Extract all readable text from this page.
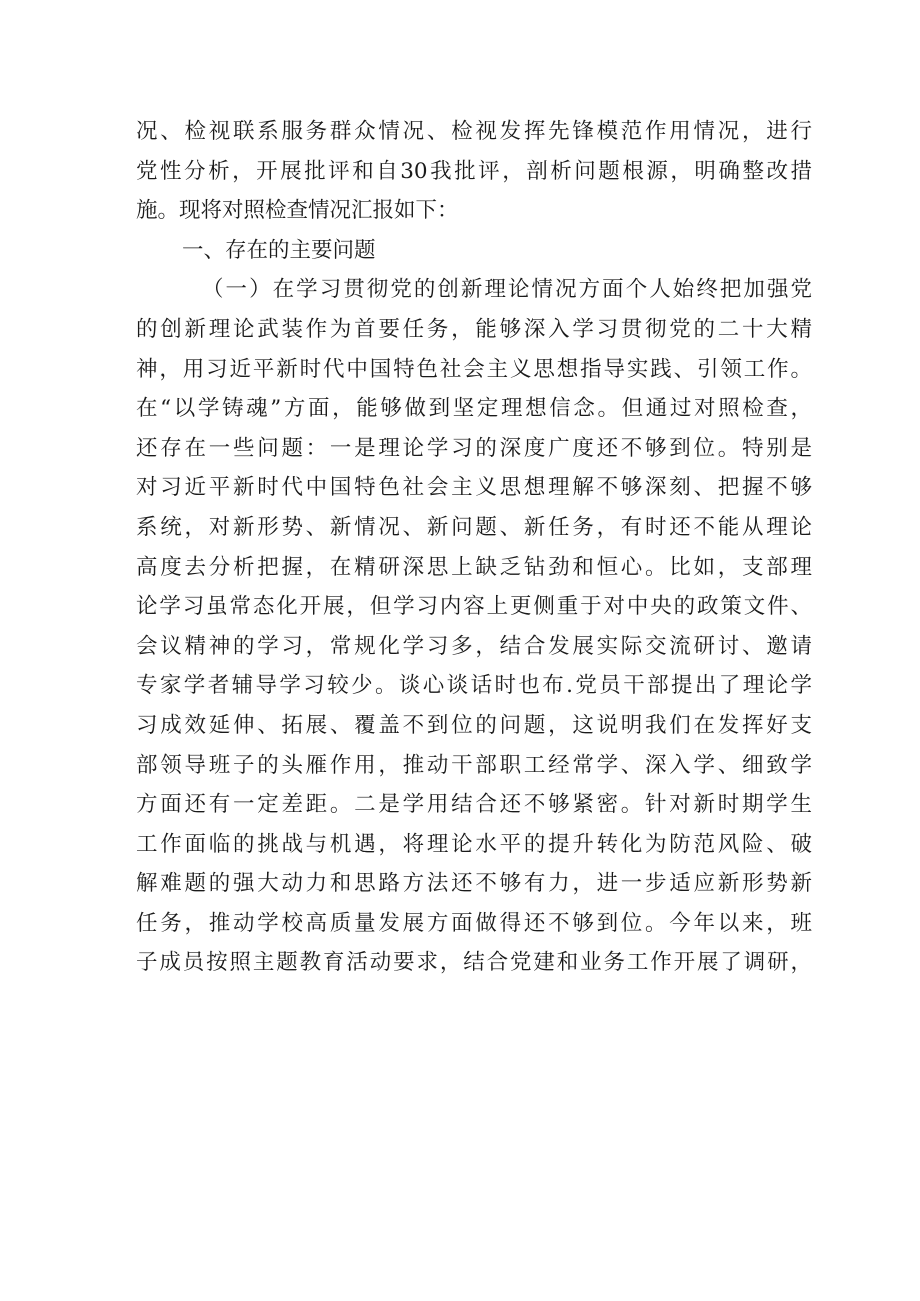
况、检视联系服务群众情况、检视发挥先锋模范作用情况，进行
党性分析，开展批评和自30我批评，剖析问题根源，明确整改措
施。现将对照检查情况汇报如下：
一、存在的主要问题
（一）在学习贯彻党的创新理论情况方面个人始终把加强党
的创新理论武装作为首要任务，能够深入学习贯彻党的二十大精
神，用习近平新时代中国特色社会主义思想指导实践、引领工作。
在“以学铸魂”方面，能够做到坚定理想信念。但通过对照检查，
还存在一些问题：一是理论学习的深度广度还不够到位。特别是
对习近平新时代中国特色社会主义思想理解不够深刻、把握不够
系统，对新形势、新情况、新问题、新任务，有时还不能从理论
高度去分析把握，在精研深思上缺乏钻劲和恒心。比如，支部理
论学习虽常态化开展，但学习内容上更侧重于对中央的政策文件、
会议精神的学习，常规化学习多，结合发展实际交流研讨、邀请
专家学者辅导学习较少。谈心谈话时也布.党员干部提出了理论学
习成效延伸、拓展、覆盖不到位的问题，这说明我们在发挥好支
部领导班子的头雁作用，推动干部职工经常学、深入学、细致学
方面还有一定差距。二是学用结合还不够紧密。针对新时期学生
工作面临的挑战与机遇，将理论水平的提升转化为防范风险、破
解难题的强大动力和思路方法还不够有力，进一步适应新形势新
任务，推动学校高质量发展方面做得还不够到位。今年以来，班
子成员按照主题教育活动要求，结合党建和业务工作开展了调研，
